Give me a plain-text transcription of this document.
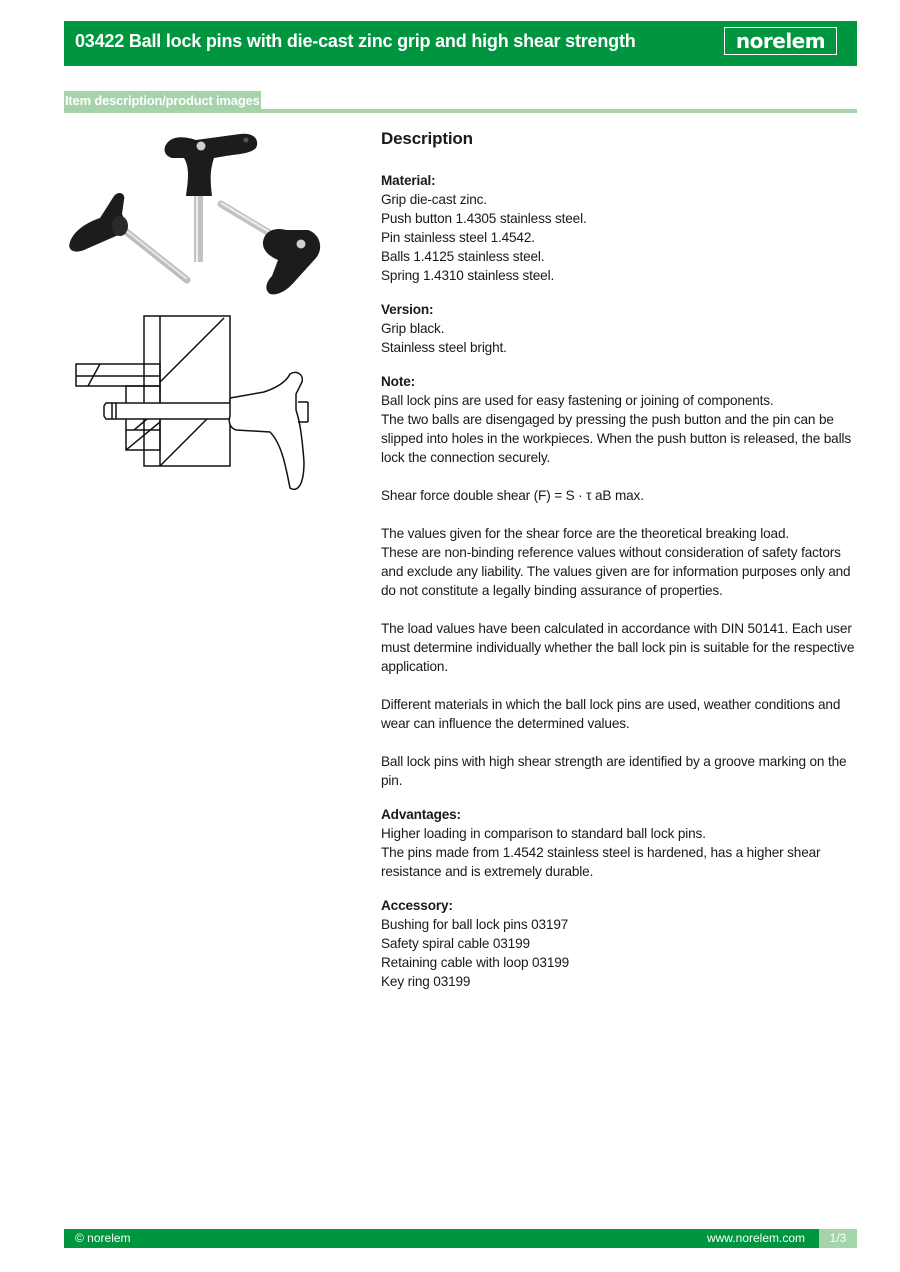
03422 Ball lock pins with die-cast zinc grip and high shear strength	norelem
Item description/product images
Description
Material:

Grip die-cast zinc.

Push button 1.4305 stainless steel.

Pin stainless steel 1.4542.

Balls 1.4125 stainless steel.

Spring 1.4310 stainless steel.

Version:

Grip black.

Stainless steel bright.

Note:

Ball lock pins are used for easy fastening or joining of components.

The two balls are disengaged by pressing the push button and the pin can be slipped into holes in the workpieces. When the push button is released, the balls lock the connection securely.

Shear force double shear (F) = S · τ aB max.

The values given for the shear force are the theoretical breaking load.

These are non-binding reference values without consideration of safety factors and exclude any liability. The values given are for information purposes only and do not constitute a legally binding assurance of properties.

The load values have been calculated in accordance with DIN 50141. Each user must determine individually whether the ball lock pin is suitable for the respective application.

Different materials in which the ball lock pins are used, weather conditions and wear can influence the determined values.

Ball lock pins with high shear strength are identified by a groove marking on the pin.

Advantages:

Higher loading in comparison to standard ball lock pins.

The pins made from 1.4542 stainless steel is hardened, has a higher shear resistance and is extremely durable.

Accessory:

Bushing for ball lock pins 03197

Safety spiral cable 03199

Retaining cable with loop 03199

Key ring 03199

© norelem	www.norelem.com	1/3
